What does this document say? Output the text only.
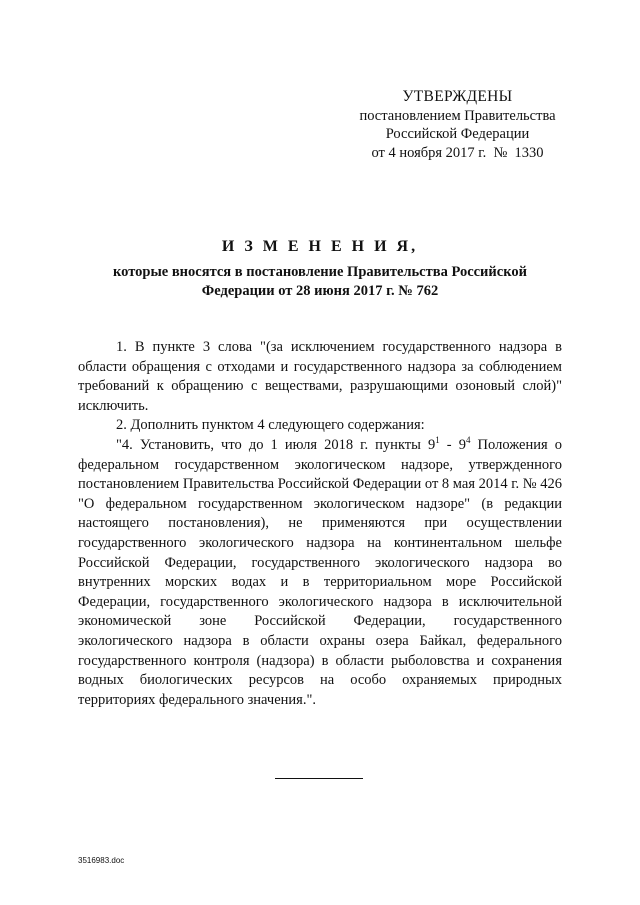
УТВЕРЖДЕНЫ
постановлением Правительства
Российской Федерации
от 4 ноября 2017 г.  №  1330
И З М Е Н Е Н И Я,
которые вносятся в постановление Правительства Российской Федерации от 28 июня 2017 г. № 762

1. В пункте 3 слова "(за исключением государственного надзора в области обращения с отходами и государственного надзора за соблюдением требований к обращению с веществами, разрушающими озоновый слой)" исключить.

2. Дополнить пунктом 4 следующего содержания:

"4. Установить, что до 1 июля 2018 г. пункты $9^1 - 9^4$ Положения о федеральном государственном экологическом надзоре, утвержденного постановлением Правительства Российской Федерации от 8 мая 2014 г. № 426 "О федеральном государственном экологическом надзоре" (в редакции настоящего постановления), не применяются при осуществлении государственного экологического надзора на континентальном шельфе Российской Федерации, государственного экологического надзора во внутренних морских водах и в территориальном море Российской Федерации, государственного экологического надзора в исключительной экономической зоне Российской Федерации, государственного экологического надзора в области охраны озера Байкал, федерального государственного контроля (надзора) в области рыболовства и сохранения водных биологических ресурсов на особо охраняемых природных территориях федерального значения.".

3516983.doc
